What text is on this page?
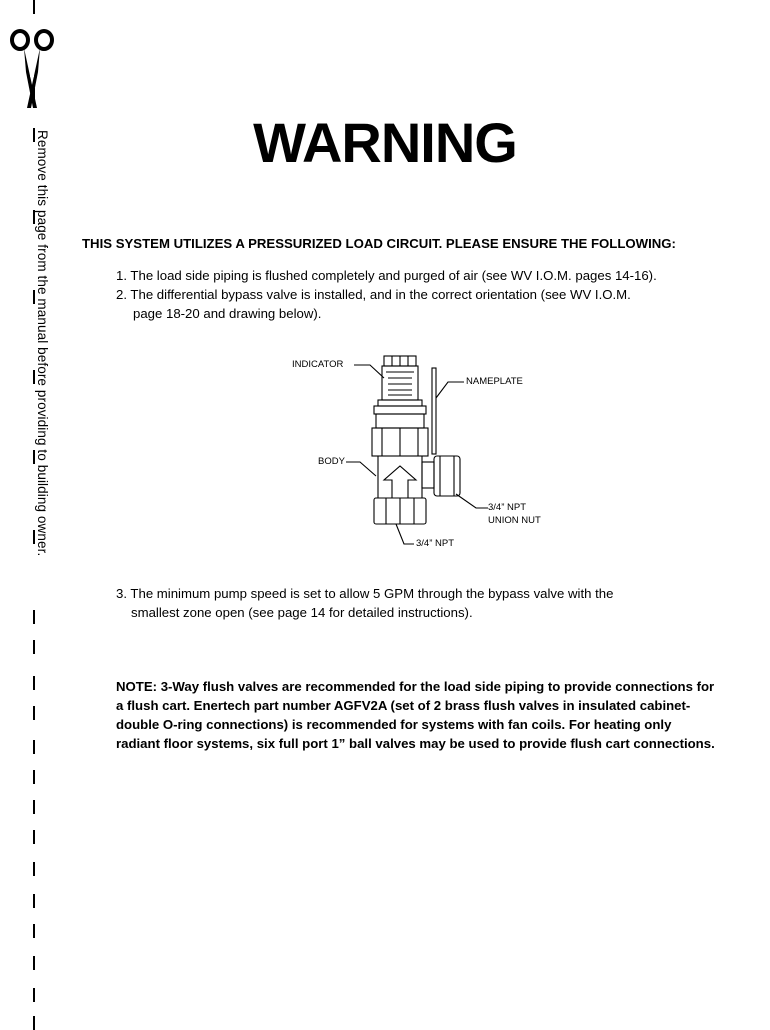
Remove this page from the manual before providing to building owner.	WARNING
THIS SYSTEM UTILIZES A PRESSURIZED LOAD CIRCUIT. PLEASE ENSURE THE FOLLOWING:
1. The load side piping is flushed completely and purged of air (see WV I.O.M. pages 14-16).
2. The differential bypass valve is installed, and in the correct orientation (see WV I.O.M.
page 18-20 and drawing below).
INDICATOR
NAMEPLATE
BODY
3/4” NPT
UNION NUT
3/4” NPT
3. The minimum pump speed is set to allow 5 GPM through the bypass valve with the
smallest zone open (see page 14 for detailed instructions).
NOTE: 3-Way flush valves are recommended for the load side piping to provide connections for a flush cart. Enertech part number AGFV2A (set of 2 brass flush valves in insulated cabinet-double O-ring connections) is recommended for systems with fan coils. For heating only radiant floor systems, six full port 1” ball valves may be used to provide flush cart connections.
